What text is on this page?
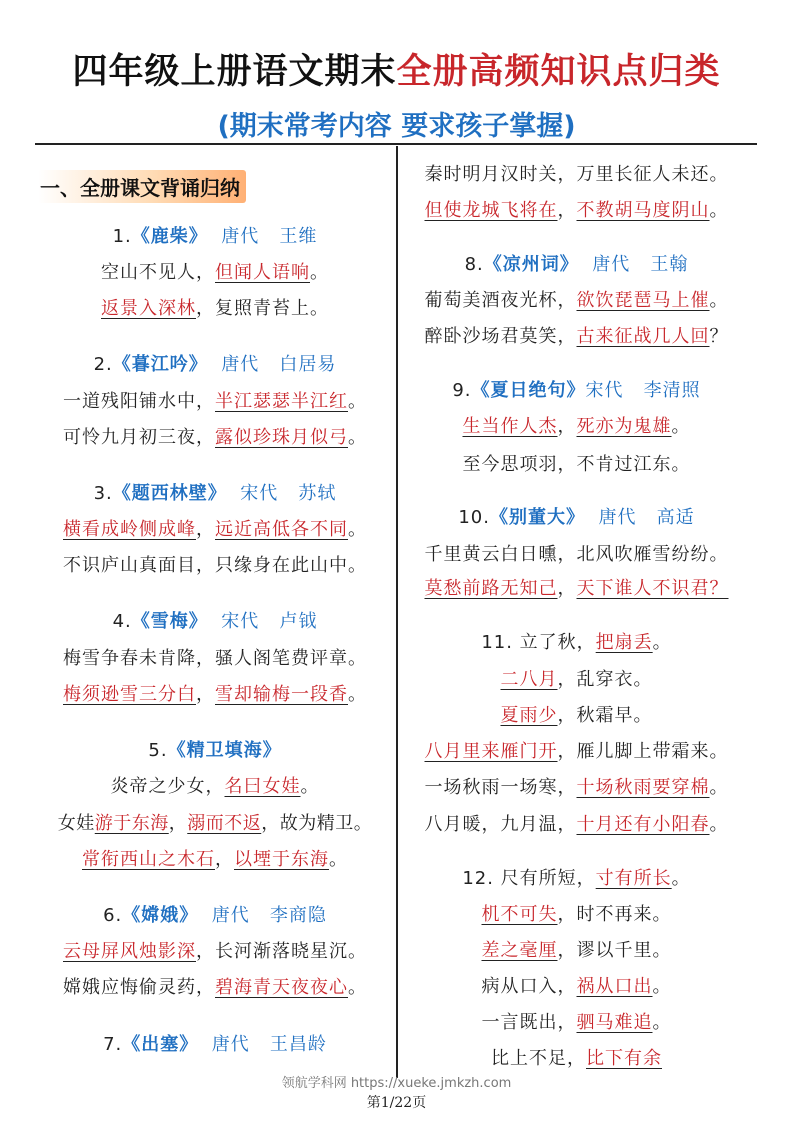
四年级上册语文期末全册高频知识点归类
(期末常考内容 要求孩子掌握)
一、全册课文背诵归纳
1.《鹿柴》 唐代 王维
空山不见人，但闻人语响。
返景入深林，复照青苔上。
2.《暮江吟》 唐代 白居易
一道残阳铺水中，半江瑟瑟半江红。
可怜九月初三夜，露似珍珠月似弓。
3.《题西林壁》 宋代 苏轼
横看成岭侧成峰，远近高低各不同。
不识庐山真面目，只缘身在此山中。
4.《雪梅》 宋代 卢钺
梅雪争春未肯降，骚人阁笔费评章。
梅须逊雪三分白，雪却输梅一段香。
5.《精卫填海》
炎帝之少女，名曰女娃。
女娃游于东海，溺而不返，故为精卫。
常衔西山之木石，以堙于东海。
6.《嫦娥》 唐代 李商隐
云母屏风烛影深，长河渐落晓星沉。
嫦娥应悔偷灵药，碧海青天夜夜心。
7.《出塞》 唐代 王昌龄
秦时明月汉时关，万里长征人未还。
但使龙城飞将在，不教胡马度阴山。
8.《凉州词》 唐代 王翰
葡萄美酒夜光杯，欲饮琵琶马上催。
醉卧沙场君莫笑，古来征战几人回？
9.《夏日绝句》宋代 李清照
生当作人杰，死亦为鬼雄。
至今思项羽，不肯过江东。
10.《别董大》 唐代 高适
千里黄云白日曛，北风吹雁雪纷纷。
莫愁前路无知己，天下谁人不识君？
11. 立了秋，把扇丢。
二八月，乱穿衣。
夏雨少，秋霜早。
八月里来雁门开，雁儿脚上带霜来。
一场秋雨一场寒，十场秋雨要穿棉。
八月暖，九月温，十月还有小阳春。
12. 尺有所短，寸有所长。
机不可失，时不再来。
差之毫厘，谬以千里。
病从口入，祸从口出。
一言既出，驷马难追。
比上不足，比下有余
领航学科网 https://xueke.jmkzh.com
第1/22页
